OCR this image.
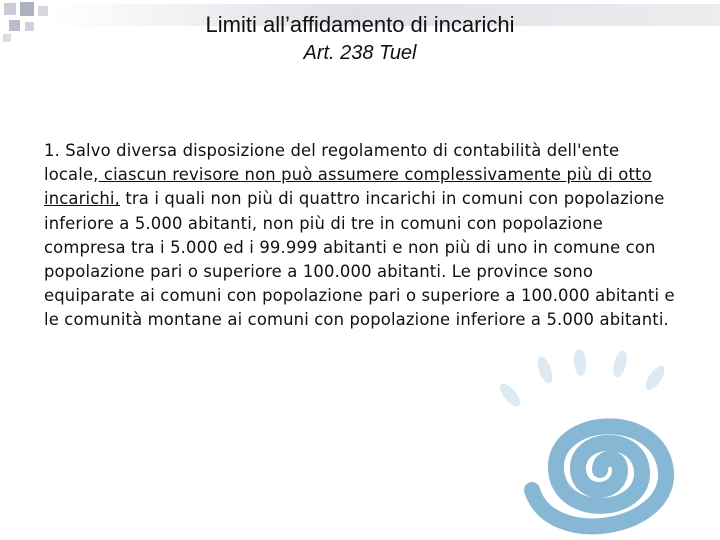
Limiti all’affidamento di incarichi
Art. 238 Tuel

1. Salvo diversa disposizione del regolamento di contabilità dell'ente locale, ciascun revisore non può assumere complessivamente più di otto incarichi, tra i quali non più di quattro incarichi in comuni con popolazione inferiore a 5.000 abitanti, non più di tre in comuni con popolazione compresa tra i 5.000 ed i 99.999 abitanti e non più di uno in comune con popolazione pari o superiore a 100.000 abitanti. Le province sono equiparate ai comuni con popolazione pari o superiore a 100.000 abitanti e le comunità montane ai comuni con popolazione inferiore a 5.000 abitanti.
